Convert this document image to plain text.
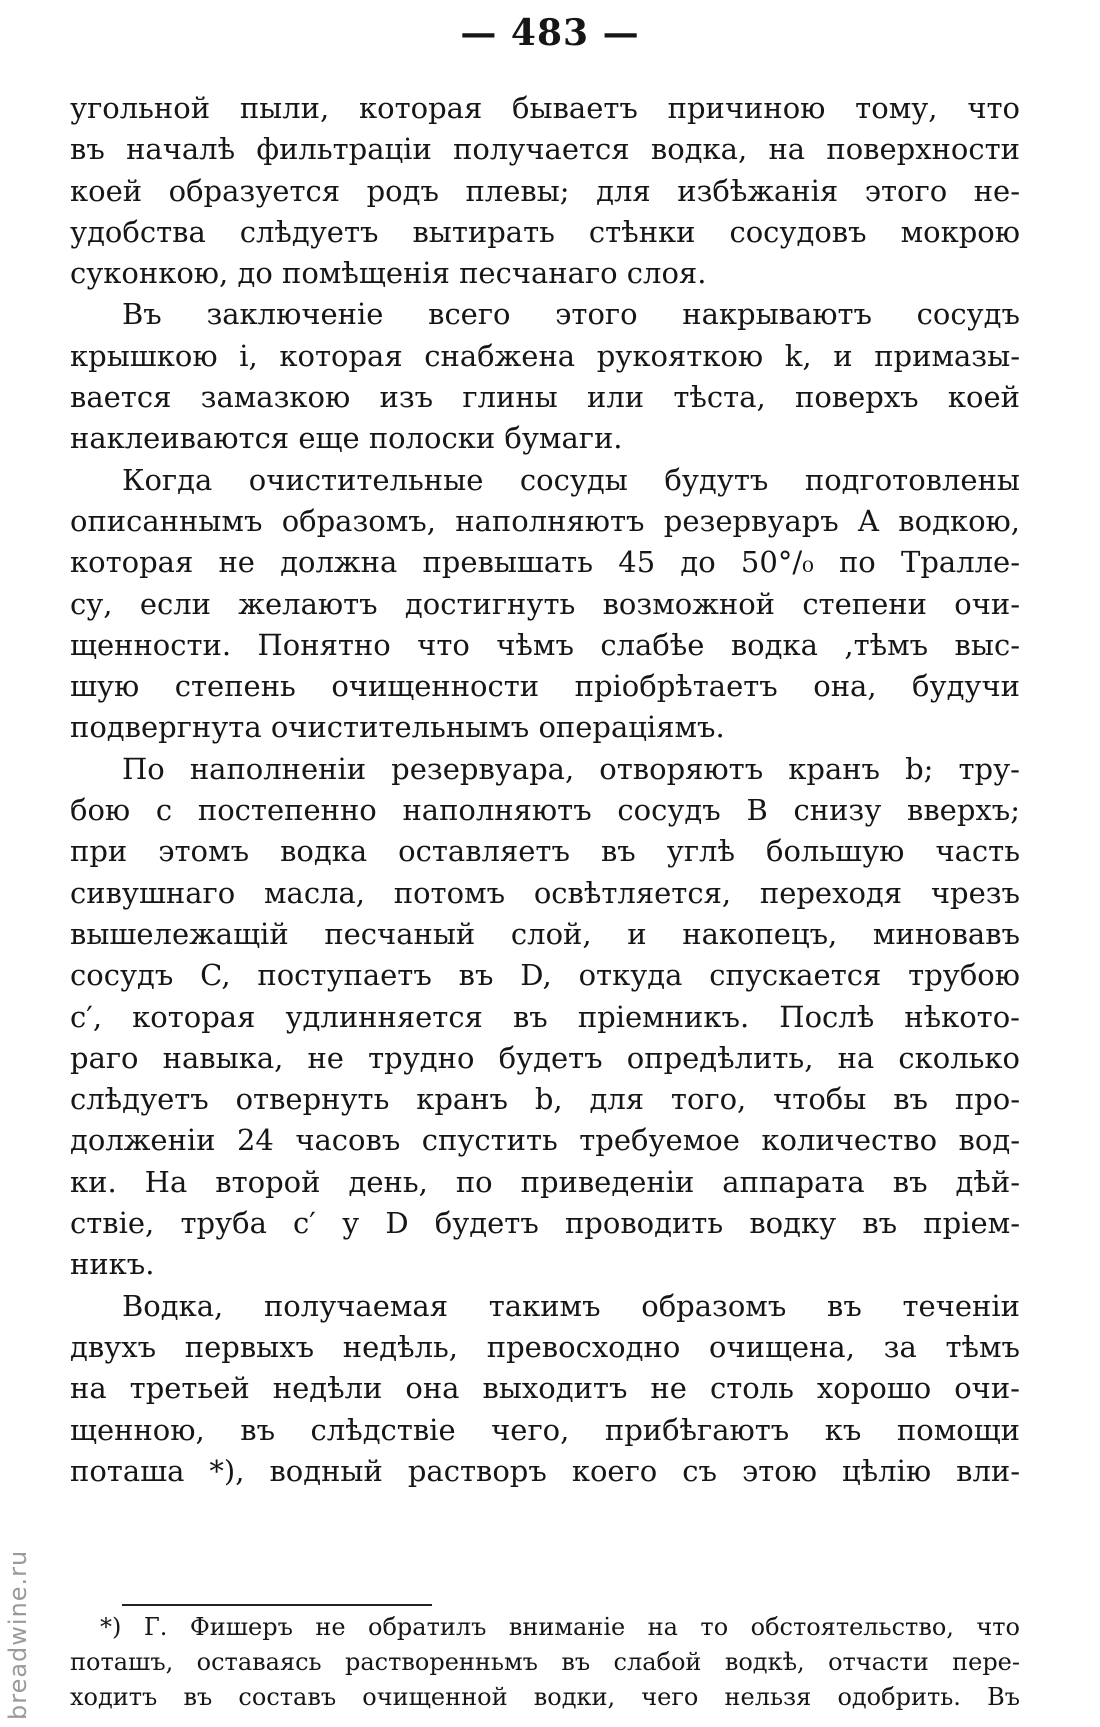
— 483 —
угольной пыли, которая бываетъ причиною тому, что
въ началѣ фильтраціи получается водка, на поверхности
коей образуется родъ плевы; для избѣжанія этого не-
удобства слѣдуетъ вытирать стѣнки сосудовъ мокрою
суконкою, до помѣщенія песчанаго слоя.
Въ заключеніе всего этого накрываютъ сосудъ
крышкою i, которая снабжена рукояткою k, и примазы-
вается замазкою изъ глины или тѣста, поверхъ коей
наклеиваются еще полоски бумаги.
Когда очистительные сосуды будутъ подготовлены
описаннымъ образомъ, наполняютъ резервуаръ A водкою,
которая не должна превышать 45 до 50°/₀ по Тралле-
су, если желаютъ достигнуть возможной степени очи-
щенности. Понятно что чѣмъ слабѣе водка ,тѣмъ выс-
шую степень очищенности пріобрѣтаетъ она, будучи
подвергнута очистительнымъ операціямъ.
По наполненіи резервуара, отворяютъ кранъ b; тру-
бою c постепенно наполняютъ сосудъ B снизу вверхъ;
при этомъ водка оставляетъ въ углѣ большую часть
сивушнаго масла, потомъ освѣтляется, переходя чрезъ
вышележащій песчаный слой, и накопецъ, миновавъ
сосудъ C, поступаетъ въ D, откуда спускается трубою
c′, которая удлинняется въ пріемникъ. Послѣ нѣкото-
раго навыка, не трудно будетъ опредѣлить, на сколько
слѣдуетъ отвернуть кранъ b, для того, чтобы въ про-
долженіи 24 часовъ спустить требуемое количество вод-
ки. На второй день, по приведеніи аппарата въ дѣй-
ствіе, труба c′ у D будетъ проводить водку въ пріем-
никъ.
Водка, получаемая такимъ образомъ въ теченіи
двухъ первыхъ недѣль, превосходно очищена, за тѣмъ
на третьей недѣли она выходитъ не столь хорошо очи-
щенною, въ слѣдствіе чего, прибѣгаютъ къ помощи
поташа *), водный растворъ коего съ этою цѣлію вли-
*) Г. Фишеръ не обратилъ вниманіе на то обстоятельство, что
поташъ, оставаясь растворенньмъ въ слабой водкѣ, отчасти пере-
ходитъ въ составъ очищенной водки, чего нельзя одобрить. Въ
breadwine.ru
